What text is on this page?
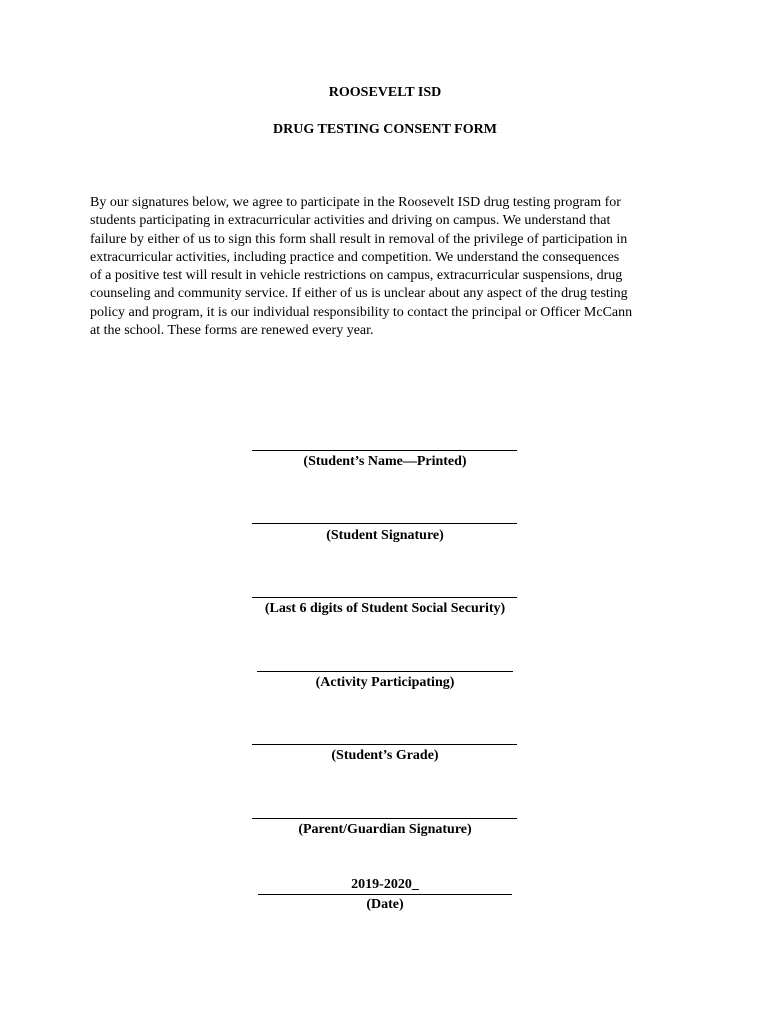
ROOSEVELT ISD
DRUG TESTING CONSENT FORM
By our signatures below, we agree to participate in the Roosevelt ISD drug testing program for
students participating in extracurricular activities and driving on campus. We understand that
failure by either of us to sign this form shall result in removal of the privilege of participation in
extracurricular activities, including practice and competition. We understand the consequences
of a positive test will result in vehicle restrictions on campus, extracurricular suspensions, drug
counseling and community service. If either of us is unclear about any aspect of the drug testing
policy and program, it is our individual responsibility to contact the principal or Officer McCann
at the school. These forms are renewed every year.
(Student’s Name—Printed)
(Student Signature)
(Last 6 digits of Student Social Security)
(Activity Participating)
(Student’s Grade)
(Parent/Guardian Signature)
2019-2020_
(Date)
